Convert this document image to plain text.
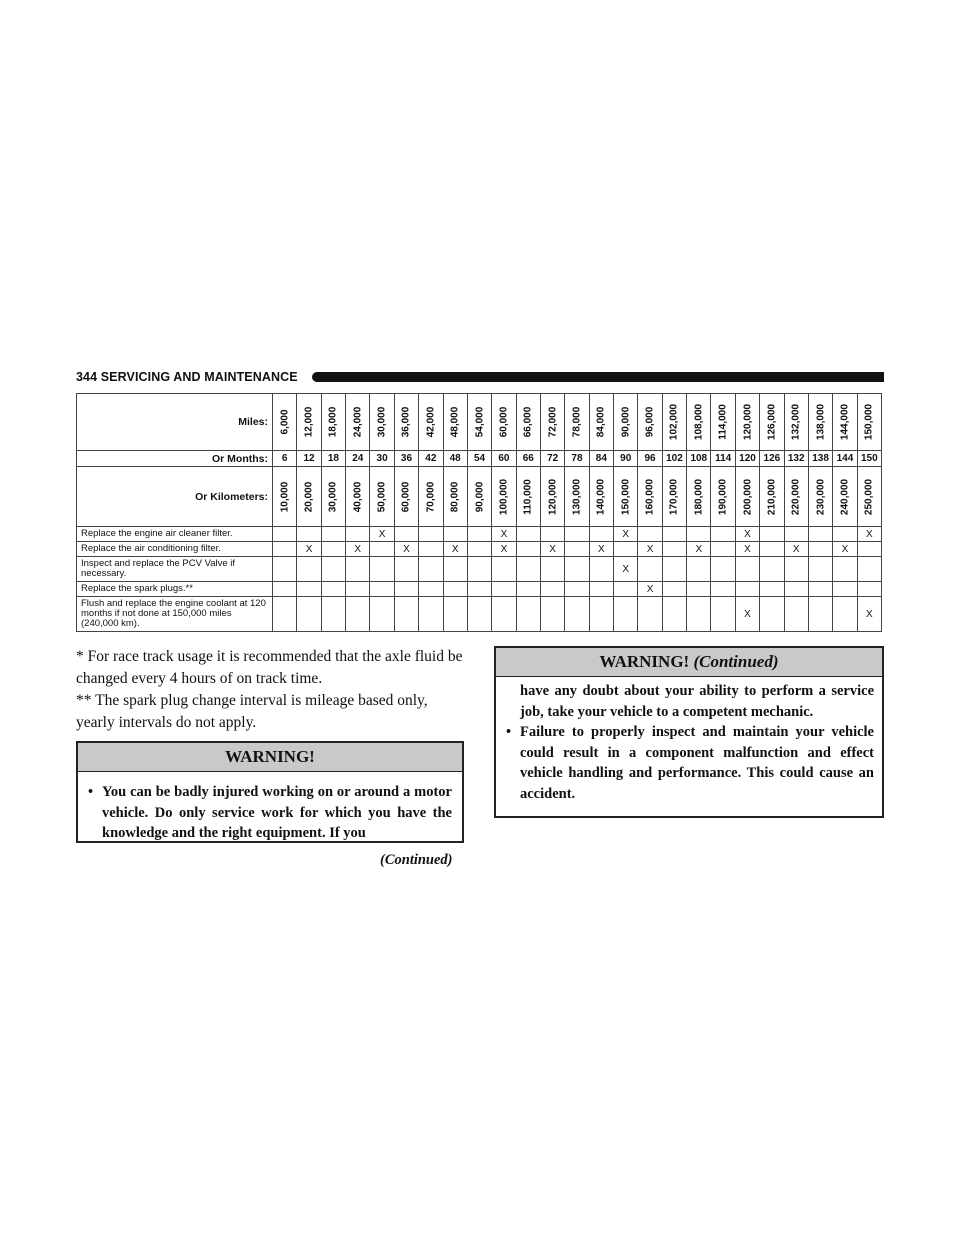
344 SERVICING AND MAINTENANCE
Miles:	6,000	12,000	18,000	24,000	30,000	36,000	42,000	48,000	54,000	60,000	66,000	72,000	78,000	84,000	90,000	96,000	102,000	108,000	114,000	120,000	126,000	132,000	138,000	144,000	150,000

Or Months:	6	12	18	24	30	36	42	48	54	60	66	72	78	84	90	96	102	108	114	120	126	132	138	144	150
Or Kilometers:	10,000	20,000	30,000	40,000	50,000	60,000	70,000	80,000	90,000	100,000	110,000	120,000	130,000	140,000	150,000	160,000	170,000	180,000	190,000	200,000	210,000	220,000	230,000	240,000	250,000

Replace the engine air cleaner filter.					X					X					X					X					X
Replace the air conditioning filter.		X		X		X		X		X		X		X		X		X		X		X		X	
Inspect and replace the PCV Valve if necessary.															X										
Replace the spark plugs.**																X									
Flush and replace the engine coolant at 120 months if not done at 150,000 miles (240,000 km).																				X					X
* For race track usage it is recommended that the axle fluid be changed every 4 hours of on track time.
** The spark plug change interval is mileage based only, yearly intervals do not apply.
WARNING!
• You can be badly injured working on or around a motor vehicle. Do only service work for which you have the knowledge and the right equipment. If you
(Continued)
WARNING! (Continued)
have any doubt about your ability to perform a service job, take your vehicle to a competent mechanic.
• Failure to properly inspect and maintain your vehicle could result in a component malfunction and effect vehicle handling and performance. This could cause an accident.
